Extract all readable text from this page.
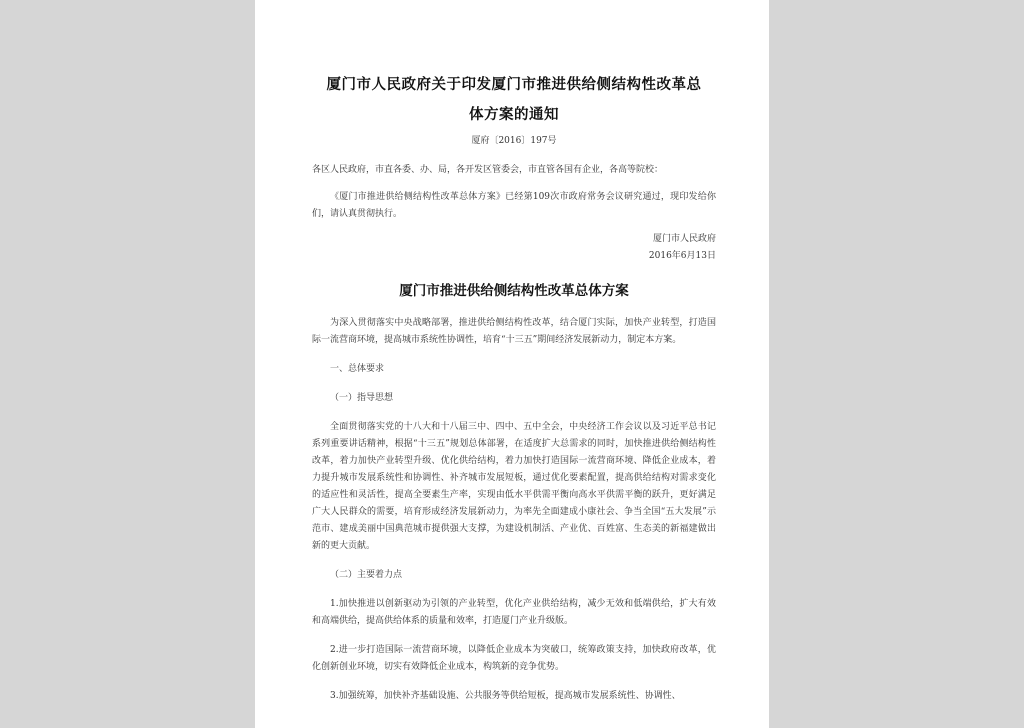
厦门市人民政府关于印发厦门市推进供给侧结构性改革总
体方案的通知
厦府〔2016〕197号

各区人民政府，市直各委、办、局，各开发区管委会，市直管各国有企业，各高等院校：

《厦门市推进供给侧结构性改革总体方案》已经第109次市政府常务会议研究通过，现印发给你们，请认真贯彻执行。

厦门市人民政府
2016年6月13日
厦门市推进供给侧结构性改革总体方案

为深入贯彻落实中央战略部署，推进供给侧结构性改革，结合厦门实际，加快产业转型，打造国际一流营商环境，提高城市系统性协调性，培育“十三五”期间经济发展新动力，制定本方案。

一、总体要求
（一）指导思想

全面贯彻落实党的十八大和十八届三中、四中、五中全会，中央经济工作会议以及习近平总书记系列重要讲话精神，根据“十三五”规划总体部署，在适度扩大总需求的同时，加快推进供给侧结构性改革，着力加快产业转型升级、优化供给结构，着力加快打造国际一流营商环境、降低企业成本，着力提升城市发展系统性和协调性、补齐城市发展短板，通过优化要素配置，提高供给结构对需求变化的适应性和灵活性，提高全要素生产率，实现由低水平供需平衡向高水平供需平衡的跃升，更好满足广大人民群众的需要，培育形成经济发展新动力，为率先全面建成小康社会、争当全国“五大发展”示范市、建成美丽中国典范城市提供强大支撑，为建设机制活、产业优、百姓富、生态美的新福建做出新的更大贡献。

（二）主要着力点

1.加快推进以创新驱动为引领的产业转型，优化产业供给结构，减少无效和低端供给，扩大有效和高端供给，提高供给体系的质量和效率，打造厦门产业升级版。

2.进一步打造国际一流营商环境，以降低企业成本为突破口，统筹政策支持，加快政府改革，优化创新创业环境，切实有效降低企业成本，构筑新的竞争优势。

3.加强统筹，加快补齐基础设施、公共服务等供给短板，提高城市发展系统性、协调性、
